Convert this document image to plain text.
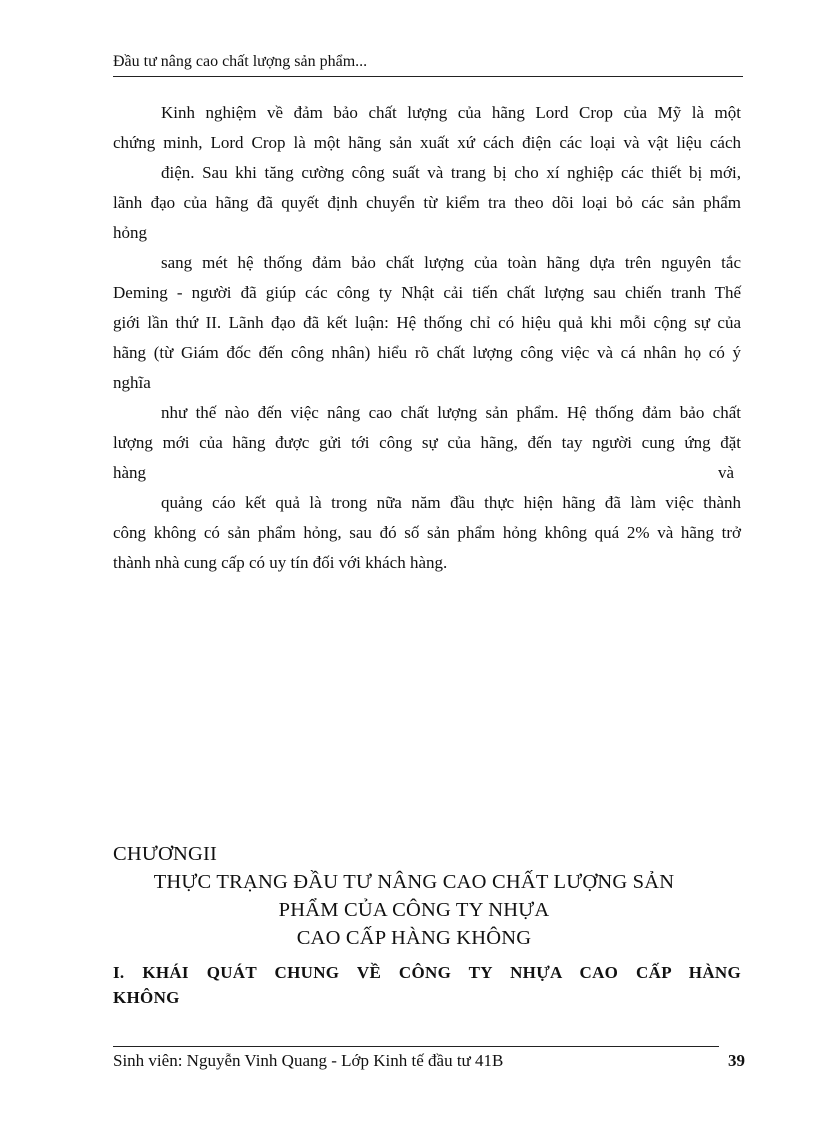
Đầu tư nâng cao chất lượng sản phẩm...
Kinh nghiệm về đảm bảo chất lượng của hãng Lord Crop của Mỹ là một
chứng minh, Lord Crop là một hãng sản xuất xứ cách điện các loại và vật liệu cách
điện. Sau khi tăng cường công suất và trang bị cho xí nghiệp các thiết bị mới,
lãnh đạo của hãng đã quyết định chuyển từ kiểm tra theo dõi loại bỏ các sản phẩm
hỏng
sang mét hệ thống đảm bảo chất lượng của toàn hãng dựa trên nguyên tắc
Deming - người đã giúp các công ty Nhật cải tiến chất lượng sau chiến tranh Thế
giới lần thứ II. Lãnh đạo đã kết luận: Hệ thống chỉ có hiệu quả khi mỗi cộng sự của
hãng (từ Giám đốc đến công nhân) hiểu rõ chất lượng công việc và cá nhân họ có ý
nghĩa
như thế nào đến việc nâng cao chất lượng sản phẩm. Hệ thống đảm bảo chất
lượng mới của hãng được gửi tới công sự của hãng, đến tay người cung ứng đặt
hàng	và
quảng cáo kết quả là trong nữa năm đầu thực hiện hãng đã làm việc thành
công không có sản phẩm hỏng, sau đó số sản phẩm hỏng không quá 2% và hãng trở
thành nhà cung cấp có uy tín đối với khách hàng.
CHƯƠNGII
THỰC TRẠNG ĐẦU TƯ NÂNG CAO CHẤT LƯỢNG SẢN
PHẨM CỦA CÔNG TY NHỰA
CAO CẤP HÀNG KHÔNG
I. KHÁI QUÁT CHUNG VỀ CÔNG TY NHỰA CAO CẤP HÀNG
KHÔNG
Sinh viên: Nguyễn Vinh Quang - Lớp Kinh tế đầu tư 41B	39
